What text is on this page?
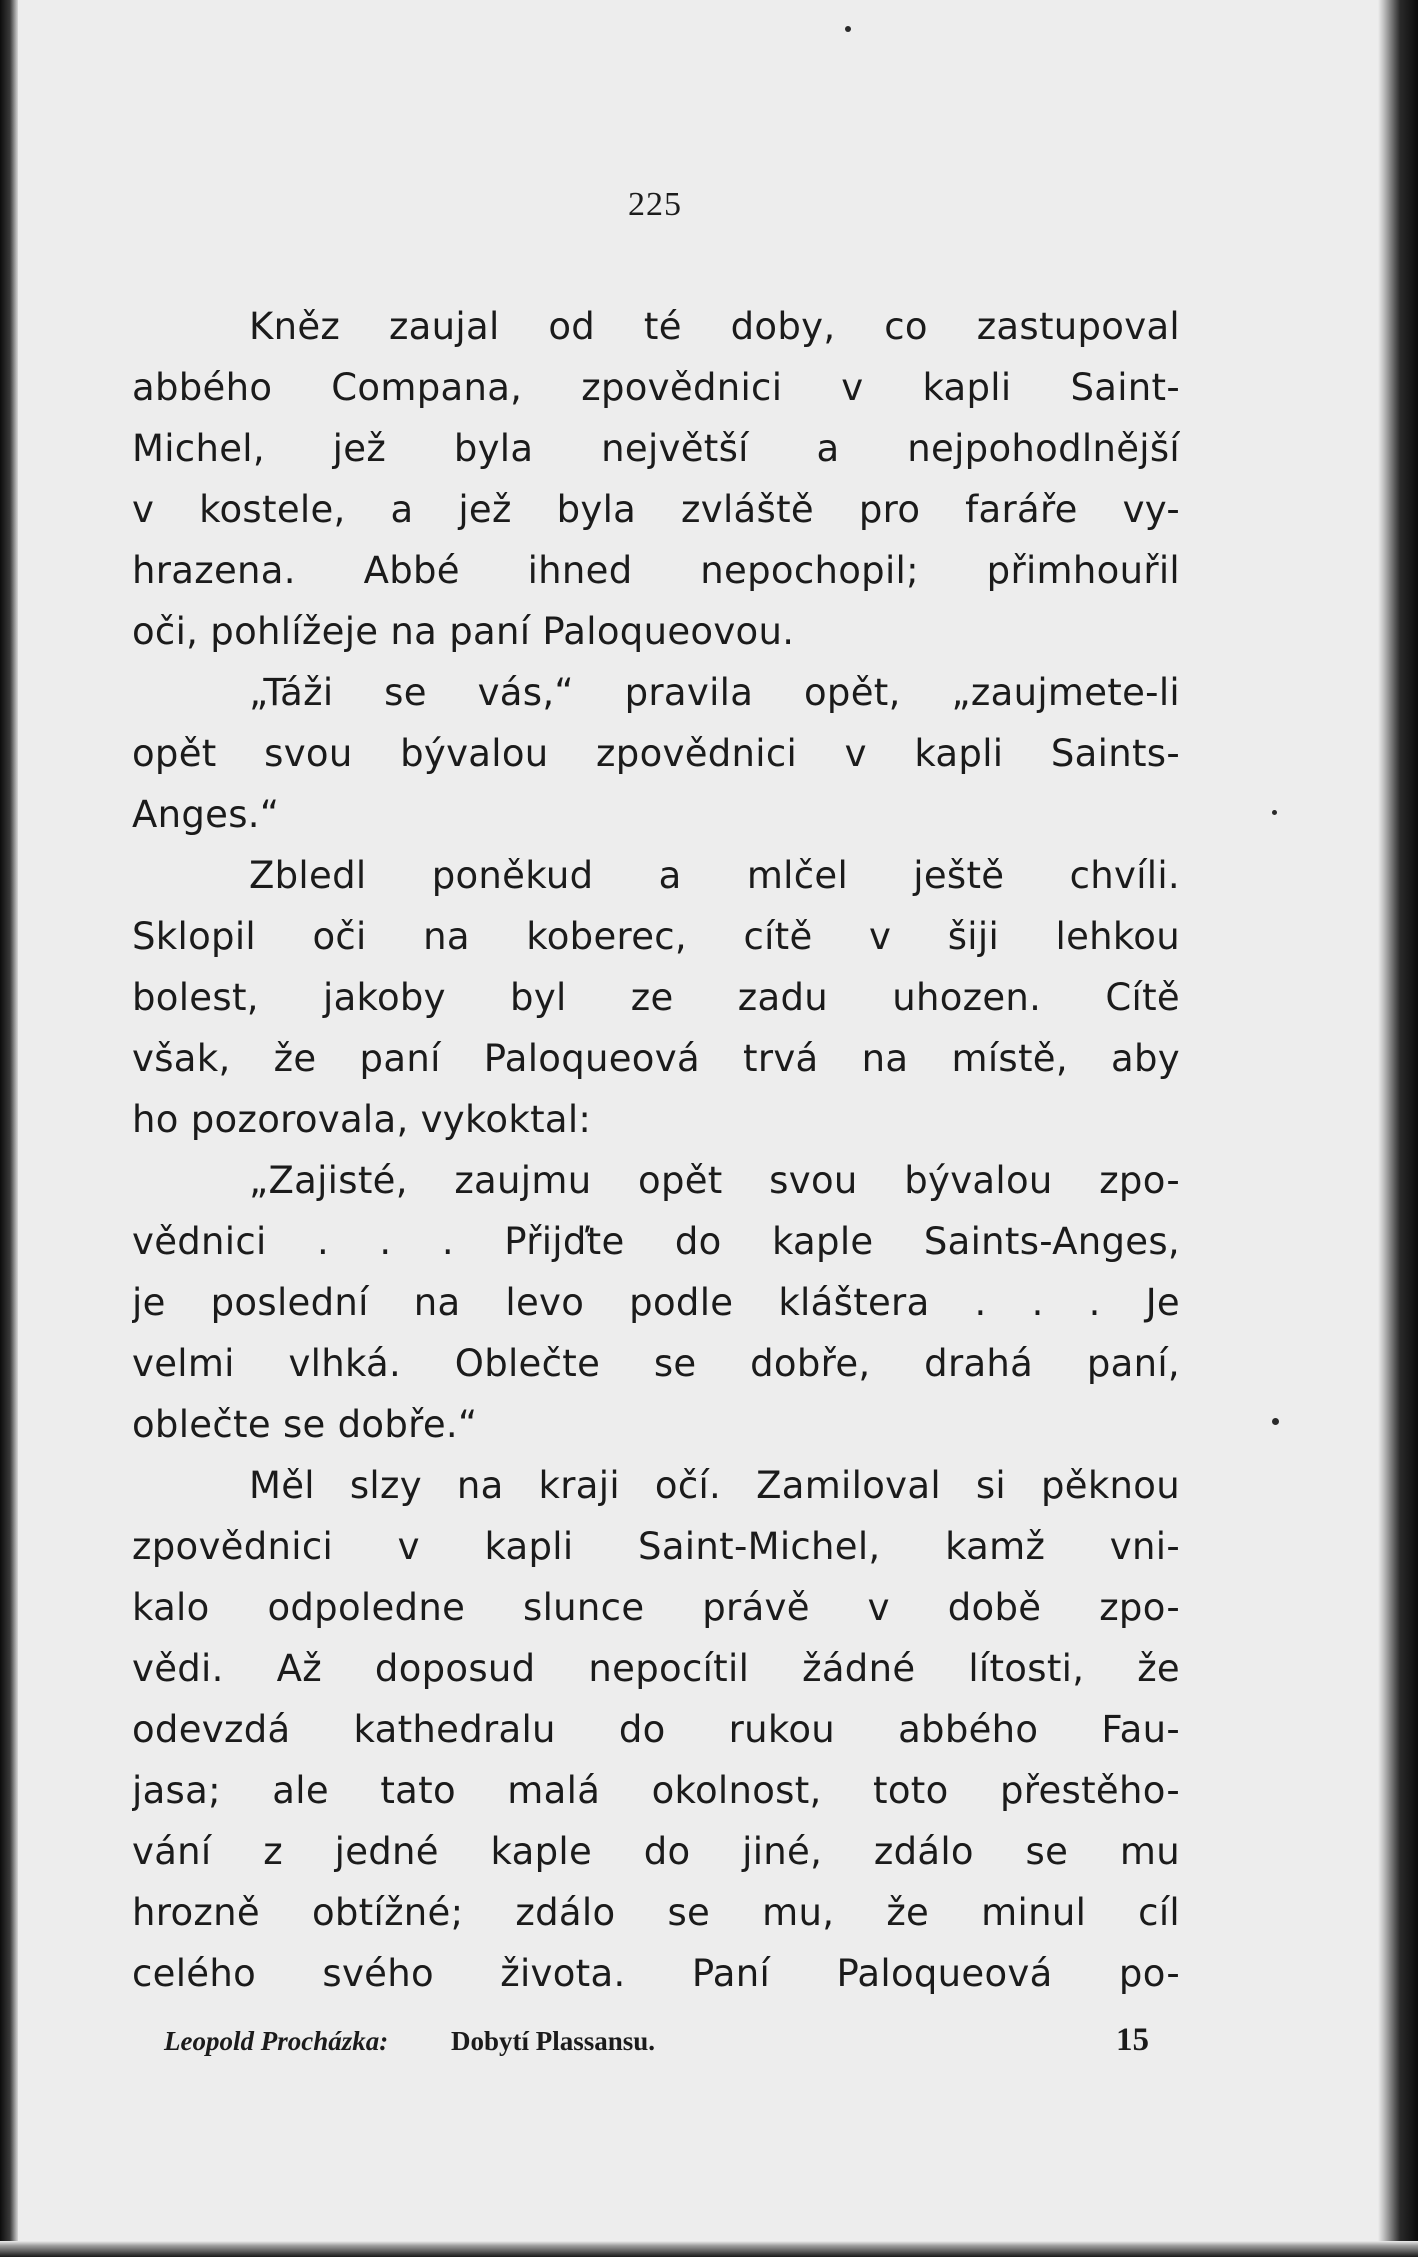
225
Kněz zaujal od té doby, co zastupoval
abbého Compana, zpovědnici v kapli Saint-
Michel, jež byla největší a nejpohodlnější
v kostele, a jež byla zvláště pro faráře vy-
hrazena. Abbé ihned nepochopil; přimhouřil
oči, pohlížeje na paní Paloqueovou.
„Táži se vás,“ pravila opět, „zaujmete-li
opět svou bývalou zpovědnici v kapli Saints-
Anges.“
Zbledl poněkud a mlčel ještě chvíli.
Sklopil oči na koberec, cítě v šiji lehkou
bolest, jakoby byl ze zadu uhozen. Cítě
však, že paní Paloqueová trvá na místě, aby
ho pozorovala, vykoktal:
„Zajisté, zaujmu opět svou bývalou zpo-
vědnici . . . Přijďte do kaple Saints-Anges,
je poslední na levo podle kláštera . . . Je
velmi vlhká. Oblečte se dobře, drahá paní,
oblečte se dobře.“
Měl slzy na kraji očí. Zamiloval si pěknou
zpovědnici v kapli Saint-Michel, kamž vni-
kalo odpoledne slunce právě v době zpo-
vědi. Až doposud nepocítil žádné lítosti, že
odevzdá kathedralu do rukou abbého Fau-
jasa; ale tato malá okolnost, toto přestěho-
vání z jedné kaple do jiné, zdálo se mu
hrozně obtížné; zdálo se mu, že minul cíl
celého svého života. Paní Paloqueová po-
Leopold Procházka: Dobytí Plassansu.	15
